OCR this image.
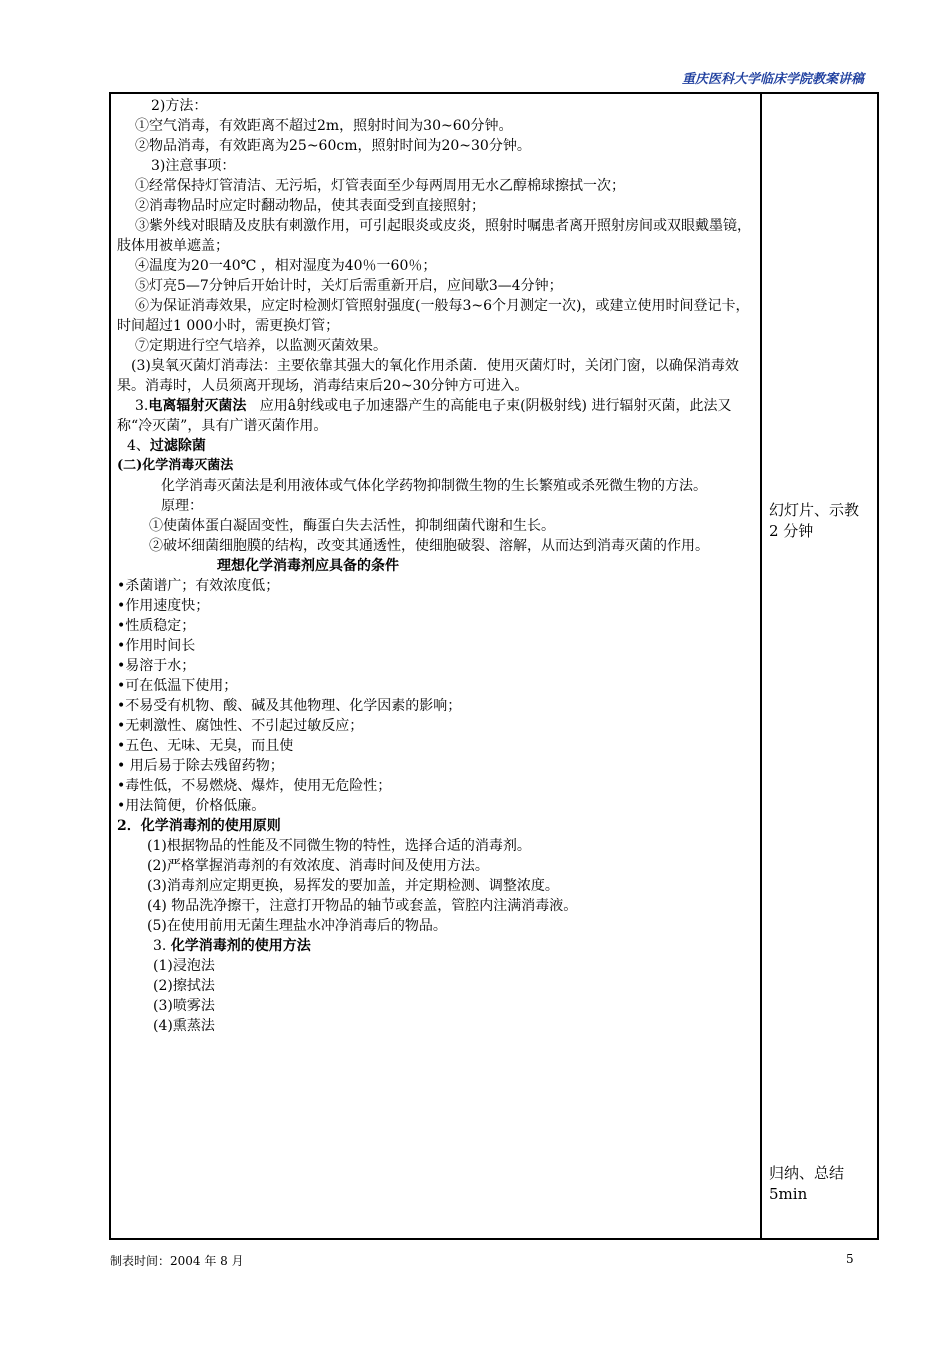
重庆医科大学临床学院教案讲稿
2)方法：
①空气消毒，有效距离不超过2m，照射时间为30~60分钟。
②物品消毒，有效距离为25~60cm，照射时间为20~30分钟。
3)注意事项：
①经常保持灯管清洁、无污垢，灯管表面至少每两周用无水乙醇棉球擦拭一次；
②消毒物品时应定时翻动物品，使其表面受到直接照射；
③紫外线对眼睛及皮肤有刺激作用，可引起眼炎或皮炎，照射时嘱患者离开照射房间或双眼戴墨镜，肢体用被单遮盖；
④温度为20一40℃ ，相对湿度为40％一60％；
⑤灯亮5—7分钟后开始计时，关灯后需重新开启，应间歇3—4分钟；
⑥为保证消毒效果，应定时检测灯管照射强度(一般每3~6个月测定一次)，或建立使用时间登记卡，时间超过1 000小时，需更换灯管；
⑦定期进行空气培养，以监测灭菌效果。
(3)臭氧灭菌灯消毒法：主要依靠其强大的氧化作用杀菌．使用灭菌灯时，关闭门窗，以确保消毒效果。消毒时，人员须离开现场，消毒结束后20~30分钟方可进入。
3.电离辐射灭菌法 应用â射线或电子加速器产生的高能电子束(阴极射线) 进行辐射灭菌，此法又称“冷灭菌”，具有广谱灭菌作用。
4、过滤除菌
(二)化学消毒灭菌法
化学消毒灭菌法是利用液体或气体化学药物抑制微生物的生长繁殖或杀死微生物的方法。
原理：
①使菌体蛋白凝固变性，酶蛋白失去活性，抑制细菌代谢和生长。
②破坏细菌细胞膜的结构，改变其通透性，使细胞破裂、溶解，从而达到消毒灭菌的作用。
理想化学消毒剂应具备的条件
•杀菌谱广；有效浓度低；
•作用速度快；
•性质稳定；
•作用时间长
•易溶于水；
•可在低温下使用；
•不易受有机物、酸、碱及其他物理、化学因素的影响；
•无刺激性、腐蚀性、不引起过敏反应；
•五色、无味、无臭，而且使
• 用后易于除去残留药物；
•毒性低，不易燃烧、爆炸，使用无危险性；
•用法简便，价格低廉。
2．化学消毒剂的使用原则
(1)根据物品的性能及不同微生物的特性，选择合适的消毒剂。
(2)严格掌握消毒剂的有效浓度、消毒时间及使用方法。
(3)消毒剂应定期更换，易挥发的要加盖，并定期检测、调整浓度。
(4) 物品洗净擦干，注意打开物品的轴节或套盖，管腔内注满消毒液。
(5)在使用前用无菌生理盐水冲净消毒后的物品。
3. 化学消毒剂的使用方法
(1)浸泡法
(2)擦拭法
(3)喷雾法
(4)熏蒸法
幻灯片、示教
2 分钟
归纳、总结
5min
制表时间：2004 年 8 月	5
